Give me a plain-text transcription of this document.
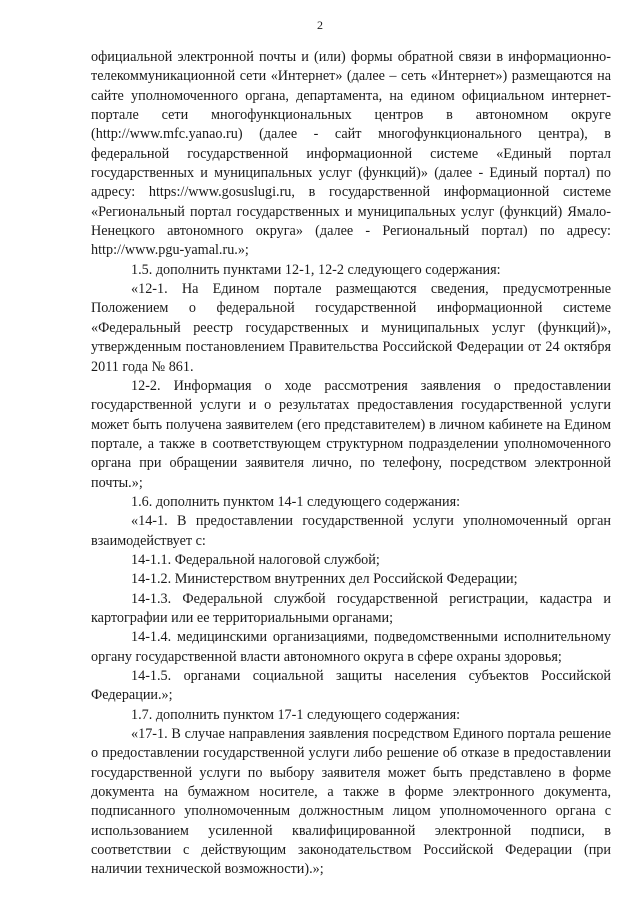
2

официальной электронной почты и (или) формы обратной связи в информационно-телекоммуникационной сети «Интернет» (далее – сеть «Интернет») размещаются на сайте уполномоченного органа, департамента, на едином официальном интернет-портале сети многофункциональных центров в автономном округе (http://www.mfc.yanao.ru) (далее - сайт многофункционального центра), в федеральной государственной информационной системе «Единый портал государственных и муниципальных услуг (функций)» (далее - Единый портал) по адресу: https://www.gosuslugi.ru, в государственной информационной системе «Региональный портал государственных и муниципальных услуг (функций) Ямало-Ненецкого автономного округа» (далее - Региональный портал) по адресу: http://www.pgu-yamal.ru.»;

1.5. дополнить пунктами 12-1, 12-2 следующего содержания:

«12-1. На Едином портале размещаются сведения, предусмотренные Положением о федеральной государственной информационной системе «Федеральный реестр государственных и муниципальных услуг (функций)», утвержденным постановлением Правительства Российской Федерации от 24 октября 2011 года № 861.

12-2. Информация о ходе рассмотрения заявления о предоставлении государственной услуги и о результатах предоставления государственной услуги может быть получена заявителем (его представителем) в личном кабинете на Едином портале, а также в соответствующем структурном подразделении уполномоченного органа при обращении заявителя лично, по телефону, посредством электронной почты.»;

1.6. дополнить пунктом 14-1 следующего содержания:

«14-1. В предоставлении государственной услуги уполномоченный орган взаимодействует с:

14-1.1. Федеральной налоговой службой;

14-1.2. Министерством внутренних дел Российской Федерации;

14-1.3. Федеральной службой государственной регистрации, кадастра и картографии или ее территориальными органами;

14-1.4. медицинскими организациями, подведомственными исполнительному органу государственной власти автономного округа в сфере охраны здоровья;

14-1.5. органами социальной защиты населения субъектов Российской Федерации.»;

1.7. дополнить пунктом 17-1 следующего содержания:

«17-1. В случае направления заявления посредством Единого портала решение о предоставлении государственной услуги либо решение об отказе в предоставлении государственной услуги по выбору заявителя может быть представлено в форме документа на бумажном носителе, а также в форме электронного документа, подписанного уполномоченным должностным лицом уполномоченного органа с использованием усиленной квалифицированной электронной подписи, в соответствии с действующим законодательством Российской Федерации (при наличии технической возможности).»;
